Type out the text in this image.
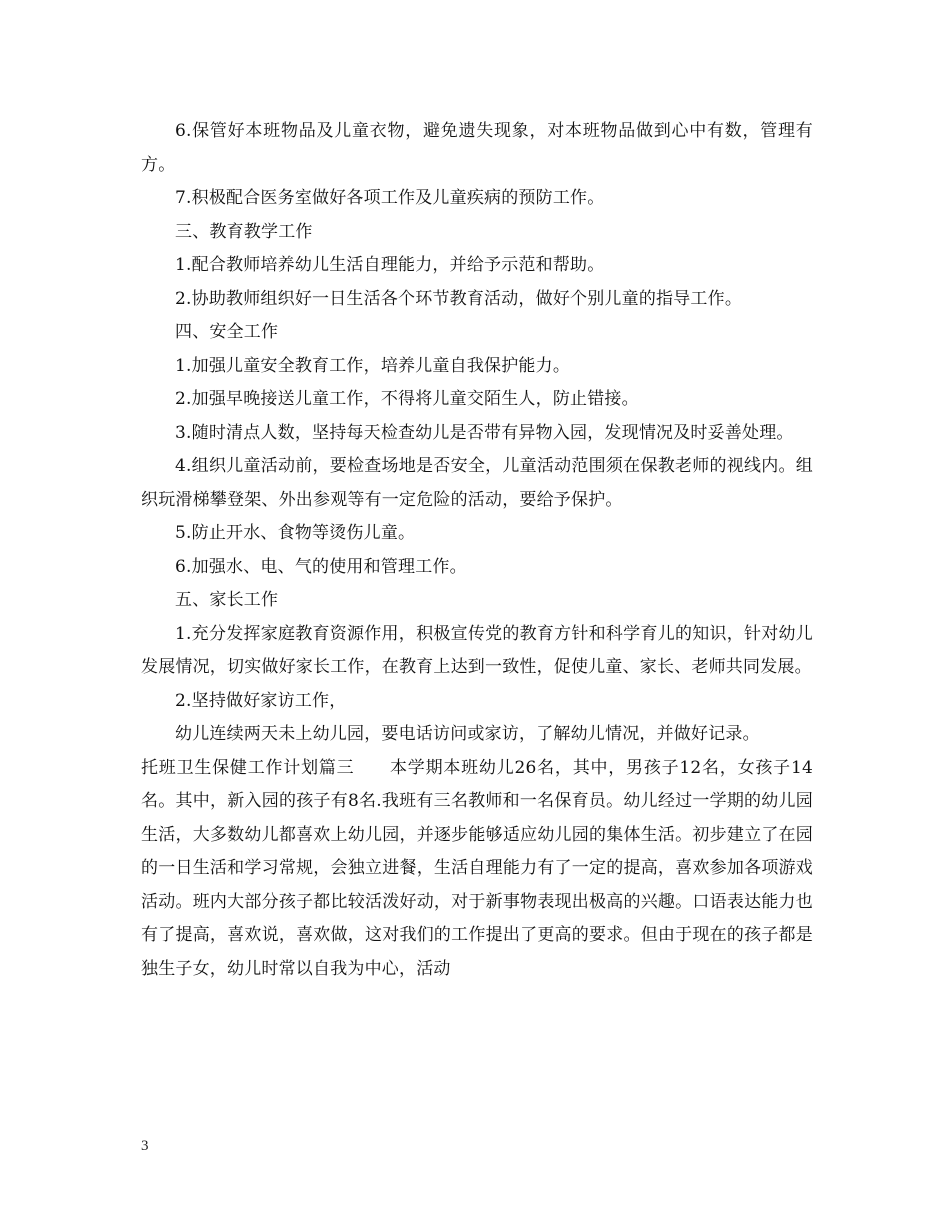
6.保管好本班物品及儿童衣物，避免遗失现象，对本班物品做到心中有数，管理有方。

7.积极配合医务室做好各项工作及儿童疾病的预防工作。

三、教育教学工作

1.配合教师培养幼儿生活自理能力，并给予示范和帮助。

2.协助教师组织好一日生活各个环节教育活动，做好个别儿童的指导工作。

四、安全工作

1.加强儿童安全教育工作，培养儿童自我保护能力。

2.加强早晚接送儿童工作，不得将儿童交陌生人，防止错接。

3.随时清点人数，坚持每天检查幼儿是否带有异物入园，发现情况及时妥善处理。

4.组织儿童活动前，要检查场地是否安全，儿童活动范围须在保教老师的视线内。组织玩滑梯攀登架、外出参观等有一定危险的活动，要给予保护。

5.防止开水、食物等烫伤儿童。

6.加强水、电、气的使用和管理工作。

五、家长工作

1.充分发挥家庭教育资源作用，积极宣传党的教育方针和科学育儿的知识，针对幼儿发展情况，切实做好家长工作，在教育上达到一致性，促使儿童、家长、老师共同发展。

2.坚持做好家访工作，

幼儿连续两天未上幼儿园，要电话访问或家访，了解幼儿情况，并做好记录。

托班卫生保健工作计划篇三　　本学期本班幼儿26名，其中，男孩子12名，女孩子14名。其中，新入园的孩子有8名.我班有三名教师和一名保育员。幼儿经过一学期的幼儿园生活，大多数幼儿都喜欢上幼儿园，并逐步能够适应幼儿园的集体生活。初步建立了在园的一日生活和学习常规，会独立进餐，生活自理能力有了一定的提高，喜欢参加各项游戏活动。班内大部分孩子都比较活泼好动，对于新事物表现出极高的兴趣。口语表达能力也有了提高，喜欢说，喜欢做，这对我们的工作提出了更高的要求。但由于现在的孩子都是独生子女，幼儿时常以自我为中心，活动

3
